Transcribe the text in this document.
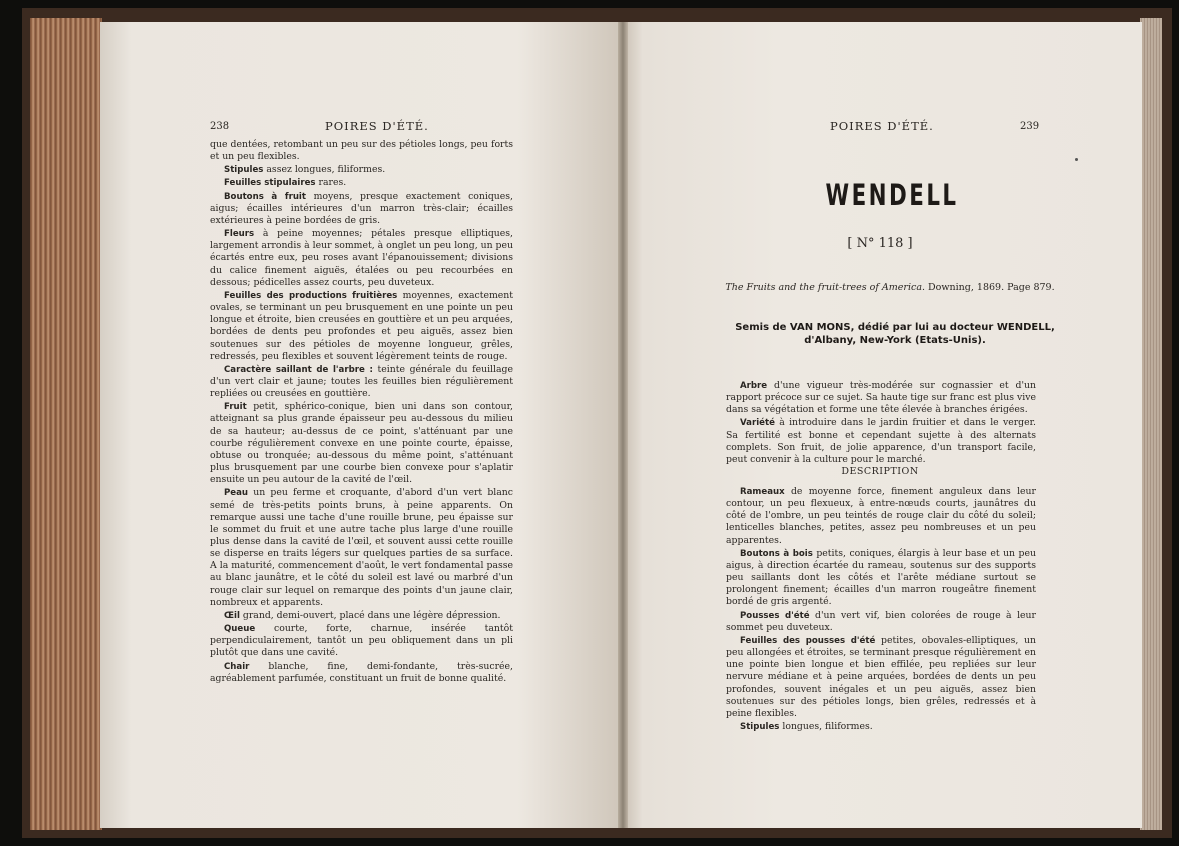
238	POIRES D'ÉTÉ.

que dentées, retombant un peu sur des pétioles longs, peu forts et un peu flexibles.

Stipules assez longues, filiformes.

Feuilles stipulaires rares.

Boutons à fruit moyens, presque exactement coniques, aigus; écailles intérieures d'un marron très-clair; écailles extérieures à peine bordées de gris.

Fleurs à peine moyennes; pétales presque elliptiques, largement arrondis à leur sommet, à onglet un peu long, un peu écartés entre eux, peu roses avant l'épanouissement; divisions du calice finement aiguës, étalées ou peu recourbées en dessous; pédicelles assez courts, peu duveteux.

Feuilles des productions fruitières moyennes, exactement ovales, se terminant un peu brusquement en une pointe un peu longue et étroite, bien creusées en gouttière et un peu arquées, bordées de dents peu profondes et peu aiguës, assez bien soutenues sur des pétioles de moyenne longueur, grêles, redressés, peu flexibles et souvent légèrement teints de rouge.

Caractère saillant de l'arbre : teinte générale du feuillage d'un vert clair et jaune; toutes les feuilles bien régulièrement repliées ou creusées en gouttière.

Fruit petit, sphérico-conique, bien uni dans son contour, atteignant sa plus grande épaisseur peu au-dessous du milieu de sa hauteur; au-dessus de ce point, s'atténuant par une courbe régulièrement convexe en une pointe courte, épaisse, obtuse ou tronquée; au-dessous du même point, s'atténuant plus brusquement par une courbe bien convexe pour s'aplatir ensuite un peu autour de la cavité de l'œil.

Peau un peu ferme et croquante, d'abord d'un vert blanc semé de très-petits points bruns, à peine apparents. On remarque aussi une tache d'une rouille brune, peu épaisse sur le sommet du fruit et une autre tache plus large d'une rouille plus dense dans la cavité de l'œil, et souvent aussi cette rouille se disperse en traits légers sur quelques parties de sa surface. A la maturité, commencement d'août, le vert fondamental passe au blanc jaunâtre, et le côté du soleil est lavé ou marbré d'un rouge clair sur lequel on remarque des points d'un jaune clair, nombreux et apparents.

Œil grand, demi-ouvert, placé dans une légère dépression.

Queue courte, forte, charnue, insérée tantôt perpendiculairement, tantôt un peu obliquement dans un pli plutôt que dans une cavité.

Chair blanche, fine, demi-fondante, très-sucrée, agréablement parfumée, constituant un fruit de bonne qualité.

POIRES D'ÉTÉ.	239
WENDELL
[ N° 118 ]
The Fruits and the fruit-trees of America. Downing, 1869. Page 879.
Semis de VAN MONS, dédié par lui au docteur WENDELL, d'Albany, New-York (Etats-Unis).

Arbre d'une vigueur très-modérée sur cognassier et d'un rapport précoce sur ce sujet. Sa haute tige sur franc est plus vive dans sa végétation et forme une tête élevée à branches érigées.

Variété à introduire dans le jardin fruitier et dans le verger. Sa fertilité est bonne et cependant sujette à des alternats complets. Son fruit, de jolie apparence, d'un transport facile, peut convenir à la culture pour le marché.

DESCRIPTION

Rameaux de moyenne force, finement anguleux dans leur contour, un peu flexueux, à entre-nœuds courts, jaunâtres du côté de l'ombre, un peu teintés de rouge clair du côté du soleil; lenticelles blanches, petites, assez peu nombreuses et un peu apparentes.

Boutons à bois petits, coniques, élargis à leur base et un peu aigus, à direction écartée du rameau, soutenus sur des supports peu saillants dont les côtés et l'arête médiane surtout se prolongent finement; écailles d'un marron rougeâtre finement bordé de gris argenté.

Pousses d'été d'un vert vif, bien colorées de rouge à leur sommet peu duveteux.

Feuilles des pousses d'été petites, obovales-elliptiques, un peu allongées et étroites, se terminant presque régulièrement en une pointe bien longue et bien effilée, peu repliées sur leur nervure médiane et à peine arquées, bordées de dents un peu profondes, souvent inégales et un peu aiguës, assez bien soutenues sur des pétioles longs, bien grêles, redressés et à peine flexibles.

Stipules longues, filiformes.
